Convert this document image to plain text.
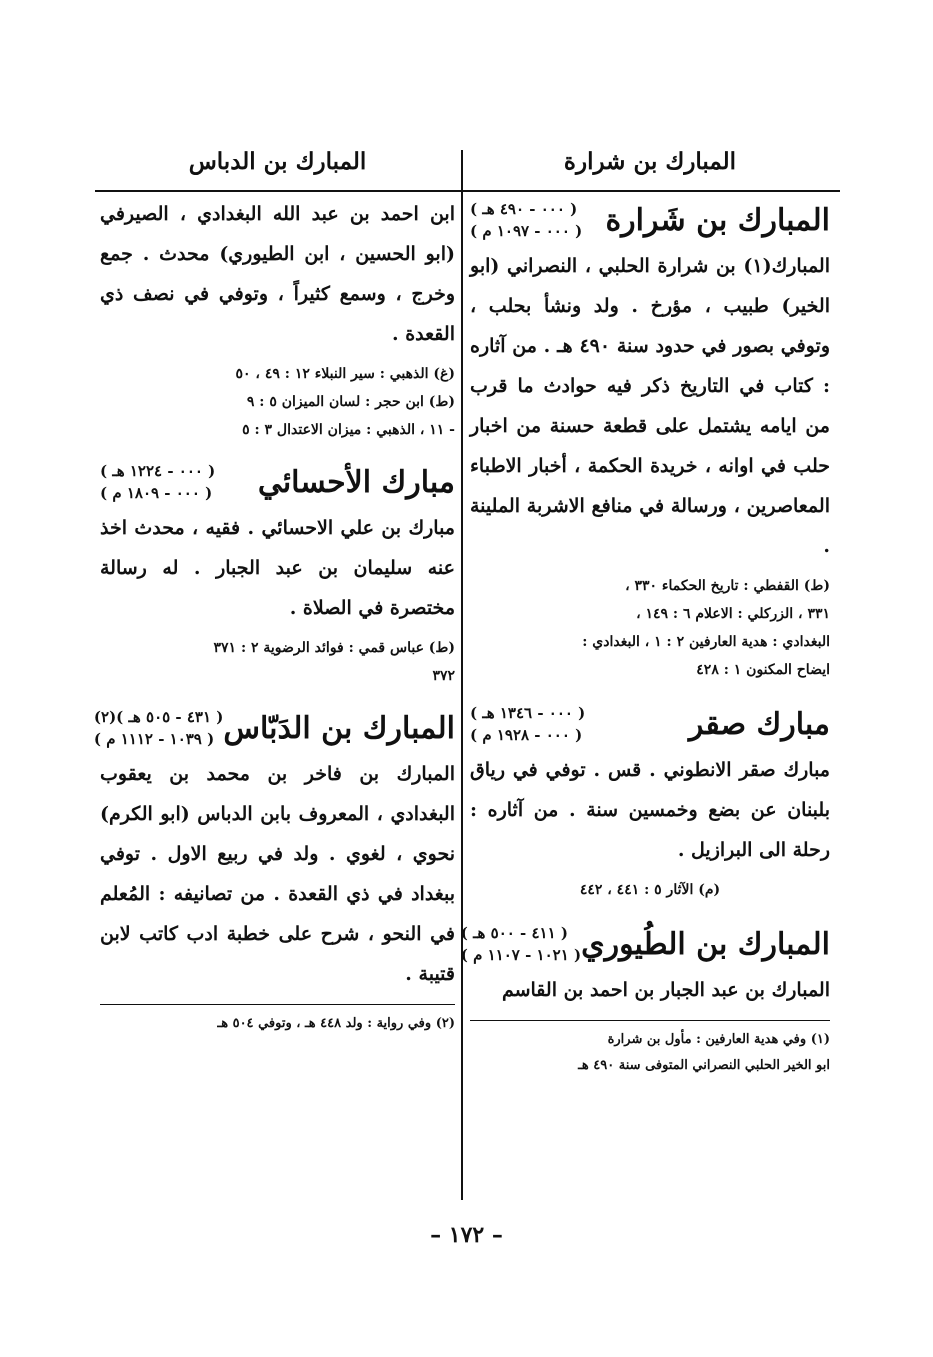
المبارك بن شرارة
المبارك بن شَرارة
( ٠٠٠ - ٤٩٠ هـ )
( ٠٠٠ - ١٠٩٧ م )

المبارك(١) بن شرارة الحلبي ، النصراني (ابو الخير) طبيب ، مؤرخ . ولد ونشأ بحلب ، وتوفي بصور في حدود سنة ٤٩٠ هـ . من آثاره : كتاب في التاريخ ذكر فيه حوادث ما قرب من ايامه يشتمل على قطعة حسنة من اخبار حلب في اوانه ، خريدة الحكمة ، أخبار الاطباء المعاصرين ، ورسالة في منافع الاشربة الملينة .

(ط) القفطي : تاريخ الحكماء ٣٣٠ ،
٣٣١ ، الزركلي : الاعلام ٦ : ١٤٩ ،
البغدادي : هدية العارفين ٢ : ١ ، البغدادي :
ايضاح المكنون ١ : ٤٢٨
مبارك صقر
( ٠٠٠ - ١٣٤٦ هـ )
( ٠٠٠ - ١٩٢٨ م )

مبارك صقر الانطوني . قس . توفي في رياق بلبنان عن بضع وخمسين سنة . من آثاره : رحلة الى البرازيل .

(م) الآثار ٥ : ٤٤١ ، ٤٤٢
المبارك بن الطُيوري
( ٤١١ - ٥٠٠ هـ )
( ١٠٢١ - ١١٠٧ م )

المبارك بن عبد الجبار بن احمد بن القاسم

(١) وفي هدية العارفين : مأول بن شرارة
ابو الخير الحلبي النصراني المتوفى سنة ٤٩٠ هـ
المبارك بن الدباس

ابن احمد بن عبد الله البغدادي ، الصيرفي (ابو الحسين ، ابن الطيوري) محدث . جمع وخرج ، وسمع كثيراً ، وتوفي في نصف ذي القعدة .

(غ) الذهبي : سير النبلاء ١٢ : ٤٩ ، ٥٠
(ط) ابن حجر : لسان الميزان ٥ : ٩
- ١١ ، الذهبي : ميزان الاعتدال ٣ : ٥
مبارك الأحسائي
( ٠٠٠ - ١٢٢٤ هـ )
( ٠٠٠ - ١٨٠٩ م )

مبارك بن علي الاحسائي . فقيه ، محدث اخذ عنه سليمان بن عبد الجبار . له رسالة مختصرة في الصلاة .

(ط) عباس قمي : فوائد الرضوية ٢ : ٣٧١
٣٧٢
المبارك بن الدَبّاس
( ٤٣١ - ٥٠٥ هـ )(٢)
( ١٠٣٩ - ١١١٢ م )

المبارك بن فاخر بن محمد بن يعقوب البغدادي ، المعروف بابن الدباس (ابو الكرم) نحوي ، لغوي . ولد في ربيع الاول . توفي ببغداد في ذي القعدة . من تصانيفه : المُعلم في النحو ، شرح على خطبة ادب كاتب لابن قتيبة .

(٢) وفي رواية : ولد ٤٤٨ هـ ، وتوفي ٥٠٤ هـ
– ١٧٢ –
